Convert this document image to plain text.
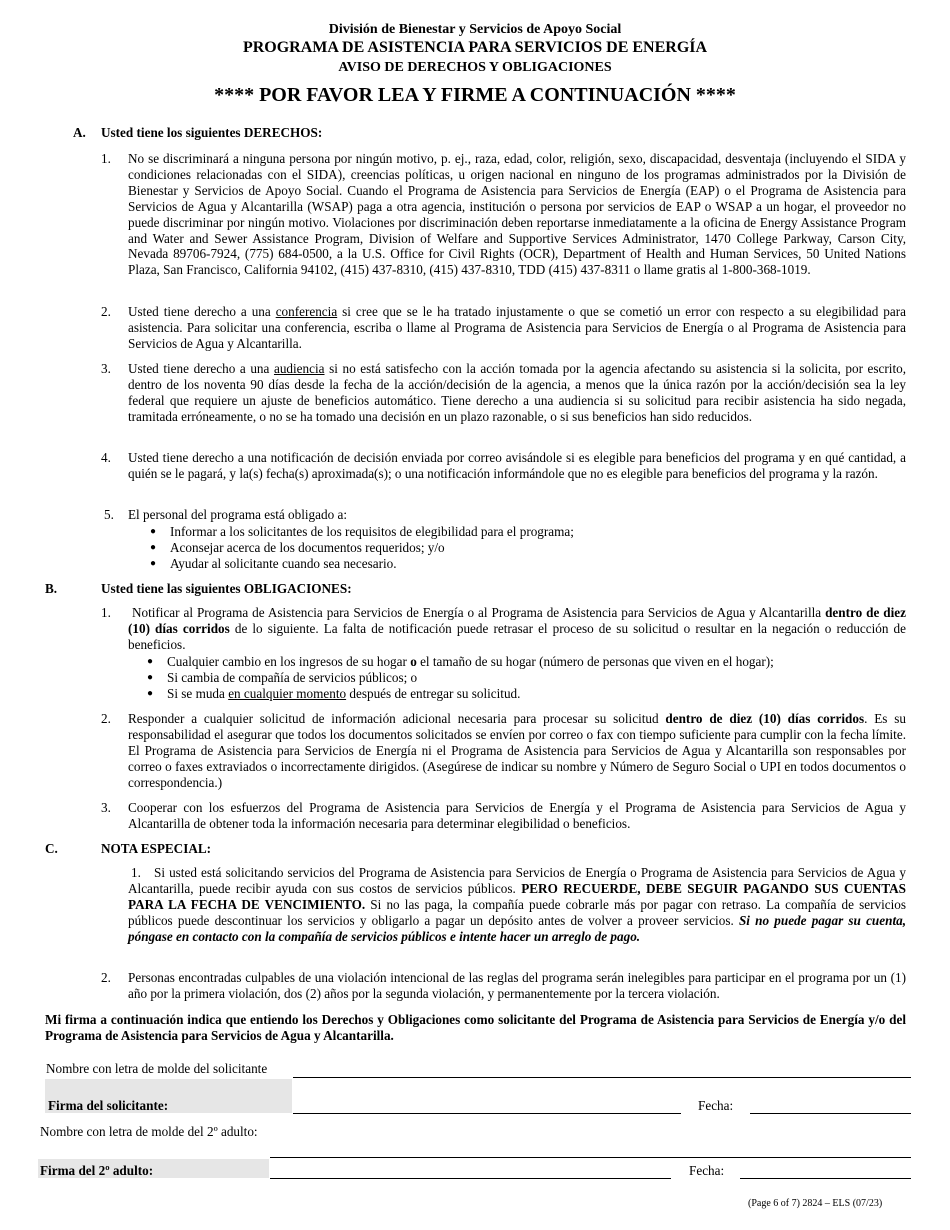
División de Bienestar y Servicios de Apoyo Social
PROGRAMA DE ASISTENCIA PARA SERVICIOS DE ENERGÍA
AVISO DE DERECHOS Y OBLIGACIONES
**** POR FAVOR LEA Y FIRME A CONTINUACIÓN ****
A. Usted tiene los siguientes DERECHOS:
1. No se discriminará a ninguna persona por ningún motivo, p. ej., raza, edad, color, religión, sexo, discapacidad, desventaja (incluyendo el SIDA y condiciones relacionadas con el SIDA), creencias políticas, u origen nacional en ninguno de los programas administrados por la División de Bienestar y Servicios de Apoyo Social. Cuando el Programa de Asistencia para Servicios de Energía (EAP) o el Programa de Asistencia para Servicios de Agua y Alcantarilla (WSAP) paga a otra agencia, institución o persona por servicios de EAP o WSAP a un hogar, el proveedor no puede discriminar por ningún motivo. Violaciones por discriminación deben reportarse inmediatamente a la oficina de Energy Assistance Program and Water and Sewer Assistance Program, Division of Welfare and Supportive Services Administrator, 1470 College Parkway, Carson City, Nevada 89706-7924, (775) 684-0500, a la U.S. Office for Civil Rights (OCR), Department of Health and Human Services, 50 United Nations Plaza, San Francisco, California 94102, (415) 437-8310, (415) 437-8310, TDD (415) 437-8311 o llame gratis al 1-800-368-1019.
2. Usted tiene derecho a una conferencia si cree que se le ha tratado injustamente o que se cometió un error con respecto a su elegibilidad para asistencia. Para solicitar una conferencia, escriba o llame al Programa de Asistencia para Servicios de Energía o al Programa de Asistencia para Servicios de Agua y Alcantarilla.
3. Usted tiene derecho a una audiencia si no está satisfecho con la acción tomada por la agencia afectando su asistencia si la solicita, por escrito, dentro de los noventa 90 días desde la fecha de la acción/decisión de la agencia, a menos que la única razón por la acción/decisión sea la ley federal que requiere un ajuste de beneficios automático. Tiene derecho a una audiencia si su solicitud para recibir asistencia ha sido negada, tramitada erróneamente, o no se ha tomado una decisión en un plazo razonable, o si sus beneficios han sido reducidos.
4. Usted tiene derecho a una notificación de decisión enviada por correo avisándole si es elegible para beneficios del programa y en qué cantidad, a quién se le pagará, y la(s) fecha(s) aproximada(s); o una notificación informándole que no es elegible para beneficios del programa y la razón.
5. El personal del programa está obligado a:
● Informar a los solicitantes de los requisitos de elegibilidad para el programa;
● Aconsejar acerca de los documentos requeridos; y/o
● Ayudar al solicitante cuando sea necesario.
B.	Usted tiene las siguientes OBLIGACIONES:
1. Notificar al Programa de Asistencia para Servicios de Energía o al Programa de Asistencia para Servicios de Agua y Alcantarilla dentro de diez (10) días corridos de lo siguiente. La falta de notificación puede retrasar el proceso de su solicitud o resultar en la negación o reducción de beneficios.
● Cualquier cambio en los ingresos de su hogar o el tamaño de su hogar (número de personas que viven en el hogar);
● Si cambia de compañía de servicios públicos; o
● Si se muda en cualquier momento después de entregar su solicitud.
2. Responder a cualquier solicitud de información adicional necesaria para procesar su solicitud dentro de diez (10) días corridos. Es su responsabilidad el asegurar que todos los documentos solicitados se envíen por correo o fax con tiempo suficiente para cumplir con la fecha límite. El Programa de Asistencia para Servicios de Energía ni el Programa de Asistencia para Servicios de Agua y Alcantarilla son responsables por correo o faxes extraviados o incorrectamente dirigidos. (Asegúrese de indicar su nombre y Número de Seguro Social o UPI en todos documentos o correspondencia.)
3. Cooperar con los esfuerzos del Programa de Asistencia para Servicios de Energía y el Programa de Asistencia para Servicios de Agua y Alcantarilla de obtener toda la información necesaria para determinar elegibilidad o beneficios.
C.	NOTA ESPECIAL:
1. Si usted está solicitando servicios del Programa de Asistencia para Servicios de Energía o Programa de Asistencia para Servicios de Agua y Alcantarilla, puede recibir ayuda con sus costos de servicios públicos. PERO RECUERDE, DEBE SEGUIR PAGANDO SUS CUENTAS PARA LA FECHA DE VENCIMIENTO. Si no las paga, la compañía puede cobrarle más por pagar con retraso. La compañía de servicios públicos puede descontinuar los servicios y obligarlo a pagar un depósito antes de volver a proveer servicios. Si no puede pagar su cuenta, póngase en contacto con la compañía de servicios públicos e intente hacer un arreglo de pago.
2. Personas encontradas culpables de una violación intencional de las reglas del programa serán inelegibles para participar en el programa por un (1) año por la primera violación, dos (2) años por la segunda violación, y permanentemente por la tercera violación.
Mi firma a continuación indica que entiendo los Derechos y Obligaciones como solicitante del Programa de Asistencia para Servicios de Energía y/o del Programa de Asistencia para Servicios de Agua y Alcantarilla.
Nombre con letra de molde del solicitante
Firma del solicitante:	Fecha:
Nombre con letra de molde del 2º adulto:
Firma del 2º adulto:	Fecha:
(Page 6 of 7) 2824 – ELS (07/23)
